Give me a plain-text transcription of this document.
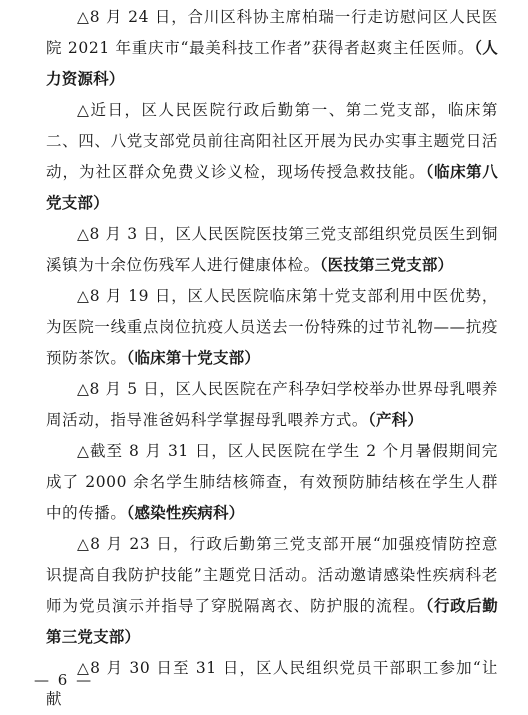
△8 月 24 日，合川区科协主席柏瑞一行走访慰问区人民医院 2021 年重庆市“最美科技工作者”获得者赵爽主任医师。（人力资源科）

△近日，区人民医院行政后勤第一、第二党支部，临床第二、四、八党支部党员前往高阳社区开展为民办实事主题党日活动，为社区群众免费义诊义检，现场传授急救技能。（临床第八党支部）

△8 月 3 日，区人民医院医技第三党支部组织党员医生到铜溪镇为十余位伤残军人进行健康体检。（医技第三党支部）

△8 月 19 日，区人民医院临床第十党支部利用中医优势，为医院一线重点岗位抗疫人员送去一份特殊的过节礼物——抗疫预防茶饮。（临床第十党支部）

△8 月 5 日，区人民医院在产科孕妇学校举办世界母乳喂养周活动，指导准爸妈科学掌握母乳喂养方式。（产科）

△截至 8 月 31 日，区人民医院在学生 2 个月暑假期间完成了 2000 余名学生肺结核筛查，有效预防肺结核在学生人群中的传播。（感染性疾病科）

△8 月 23 日，行政后勤第三党支部开展“加强疫情防控意识提高自我防护技能”主题党日活动。活动邀请感染性疾病科老师为党员演示并指导了穿脱隔离衣、防护服的流程。（行政后勤第三党支部）

△8 月 30 日至 31 日，区人民组织党员干部职工参加“让献

— 6 —
